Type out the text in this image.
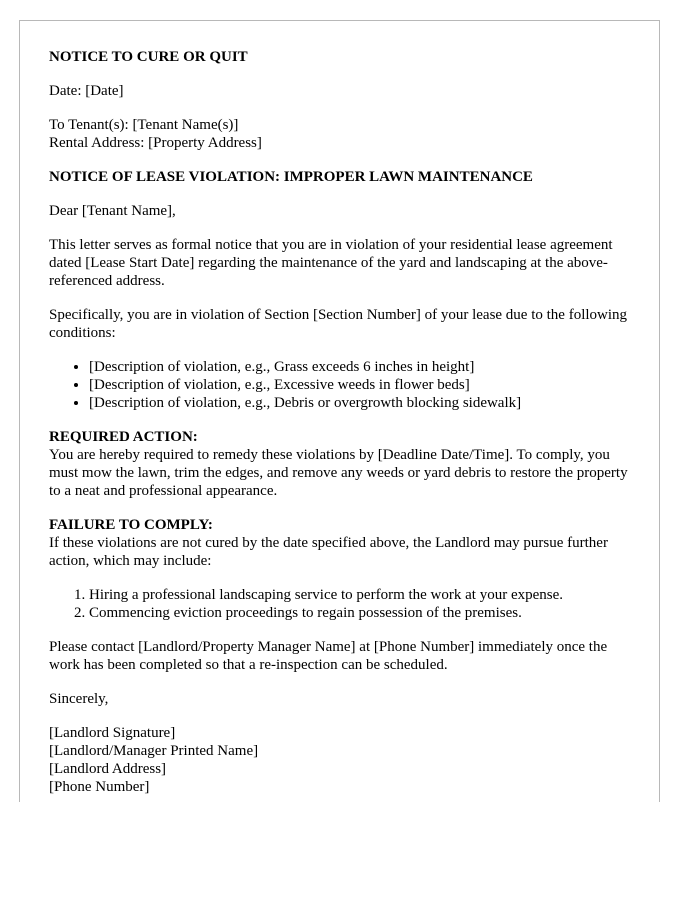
NOTICE TO CURE OR QUIT

Date: [Date]

To Tenant(s): [Tenant Name(s)]
Rental Address: [Property Address]

NOTICE OF LEASE VIOLATION: IMPROPER LAWN MAINTENANCE

Dear [Tenant Name],

This letter serves as formal notice that you are in violation of your residential lease agreement dated [Lease Start Date] regarding the maintenance of the yard and landscaping at the above-referenced address.

Specifically, you are in violation of Section [Section Number] of your lease due to the following conditions:

• [Description of violation, e.g., Grass exceeds 6 inches in height]
• [Description of violation, e.g., Excessive weeds in flower beds]
• [Description of violation, e.g., Debris or overgrowth blocking sidewalk]

REQUIRED ACTION:
You are hereby required to remedy these violations by [Deadline Date/Time]. To comply, you must mow the lawn, trim the edges, and remove any weeds or yard debris to restore the property to a neat and professional appearance.

FAILURE TO COMPLY:
If these violations are not cured by the date specified above, the Landlord may pursue further action, which may include:

1. Hiring a professional landscaping service to perform the work at your expense.
2. Commencing eviction proceedings to regain possession of the premises.

Please contact [Landlord/Property Manager Name] at [Phone Number] immediately once the work has been completed so that a re-inspection can be scheduled.

Sincerely,

[Landlord Signature]
[Landlord/Manager Printed Name]
[Landlord Address]
[Phone Number]
